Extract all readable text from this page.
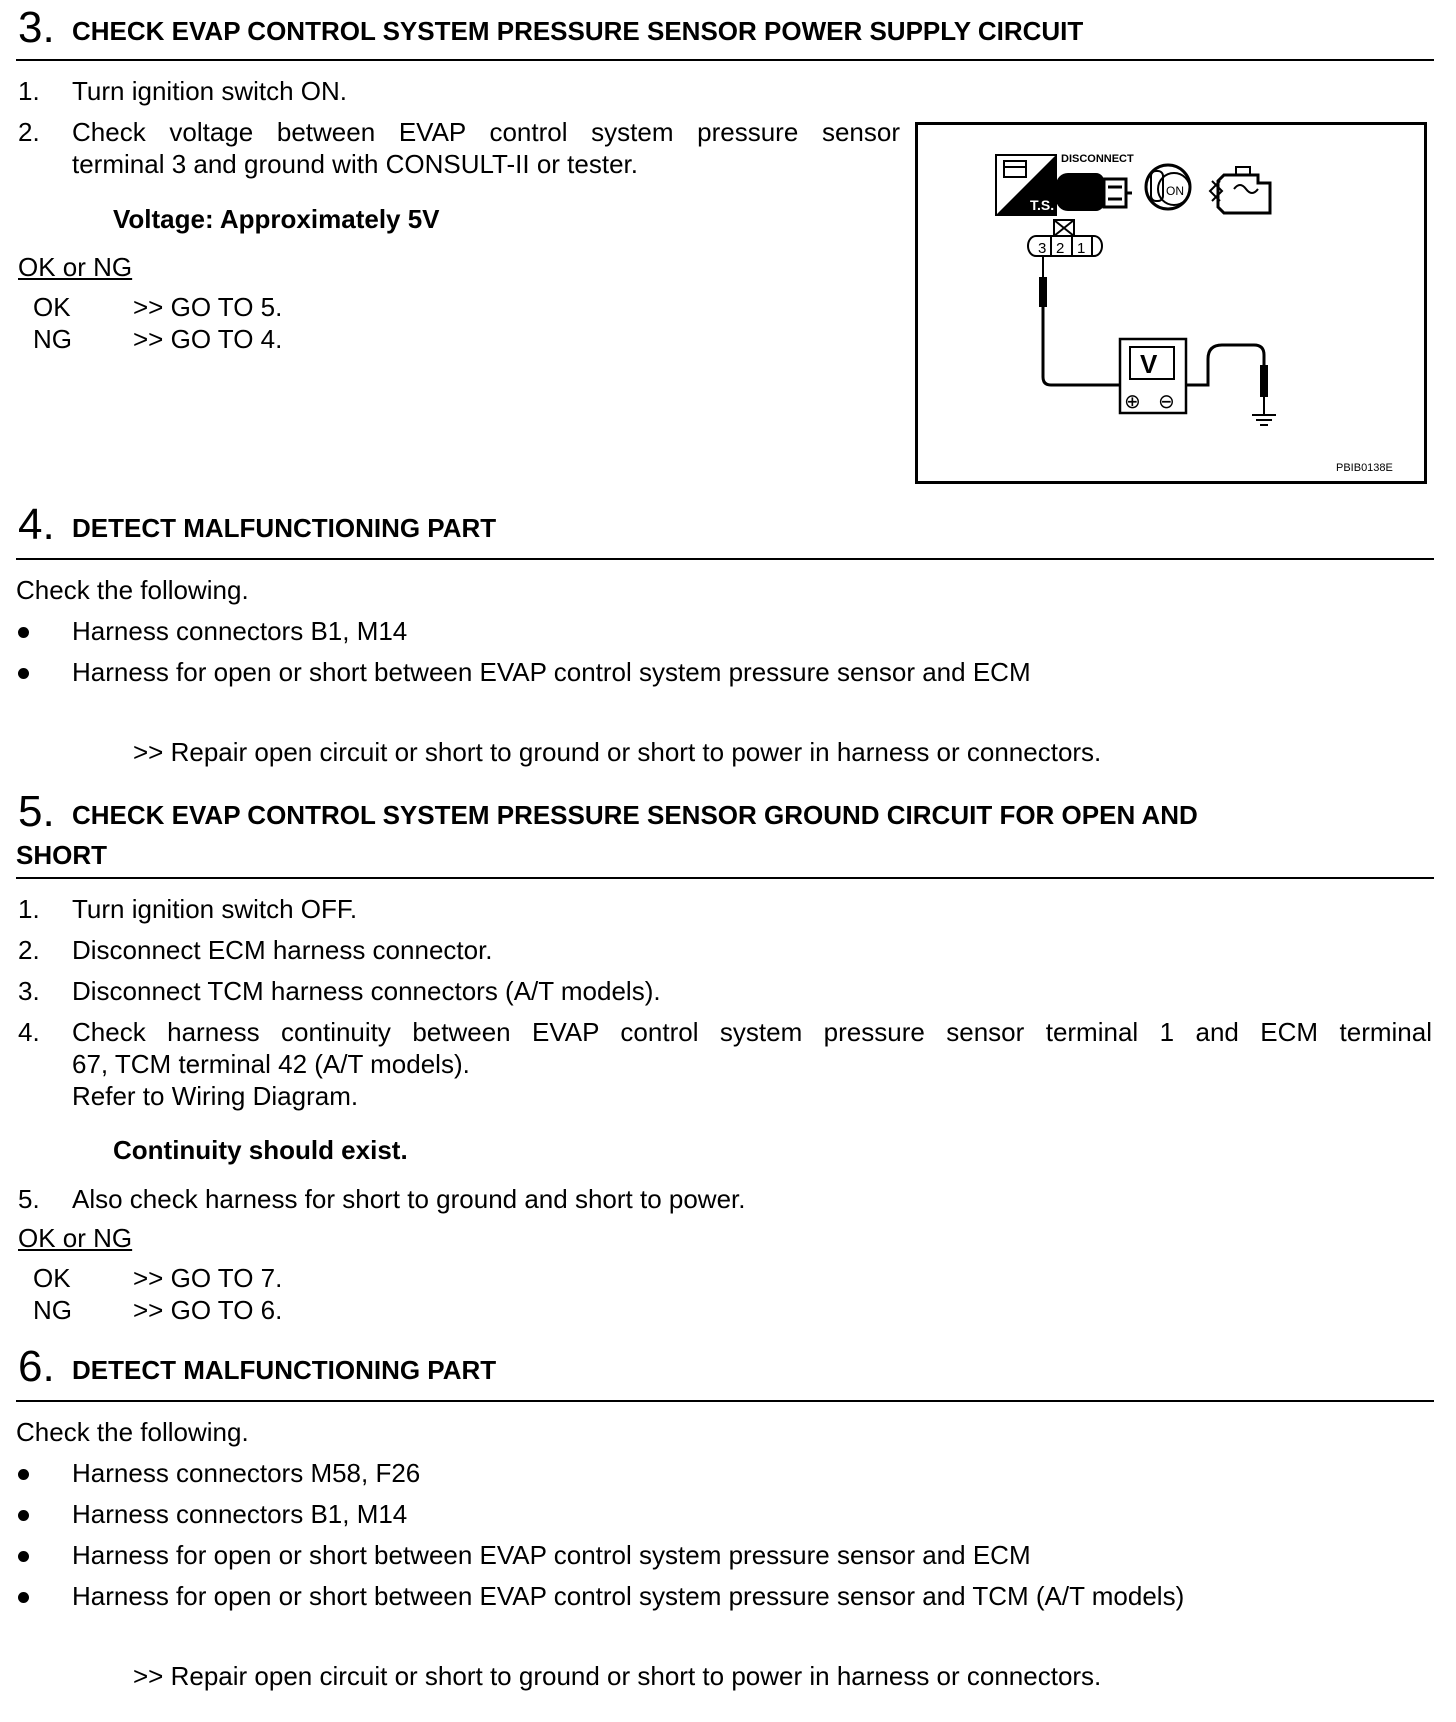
3. CHECK EVAP CONTROL SYSTEM PRESSURE SENSOR POWER SUPPLY CIRCUIT
1. Turn ignition switch ON.
2. Check voltage between EVAP control system pressure sensor
terminal 3 and ground with CONSULT-II or tester.
Voltage: Approximately 5V
OK or NG
OK >> GO TO 5.
NG >> GO TO 4.
T.S.
DISCONNECT
ON
3 2 1
V
⊕ ⊖
PBIB0138E
4. DETECT MALFUNCTIONING PART
Check the following.
Harness connectors B1, M14
Harness for open or short between EVAP control system pressure sensor and ECM
>> Repair open circuit or short to ground or short to power in harness or connectors.
5. CHECK EVAP CONTROL SYSTEM PRESSURE SENSOR GROUND CIRCUIT FOR OPEN AND
SHORT
1. Turn ignition switch OFF.
2. Disconnect ECM harness connector.
3. Disconnect TCM harness connectors (A/T models).
4. Check harness continuity between EVAP control system pressure sensor terminal 1 and ECM terminal
67, TCM terminal 42 (A/T models).
Refer to Wiring Diagram.
Continuity should exist.
5. Also check harness for short to ground and short to power.
OK or NG
OK >> GO TO 7.
NG >> GO TO 6.
6. DETECT MALFUNCTIONING PART
Check the following.
Harness connectors M58, F26
Harness connectors B1, M14
Harness for open or short between EVAP control system pressure sensor and ECM
Harness for open or short between EVAP control system pressure sensor and TCM (A/T models)
>> Repair open circuit or short to ground or short to power in harness or connectors.
